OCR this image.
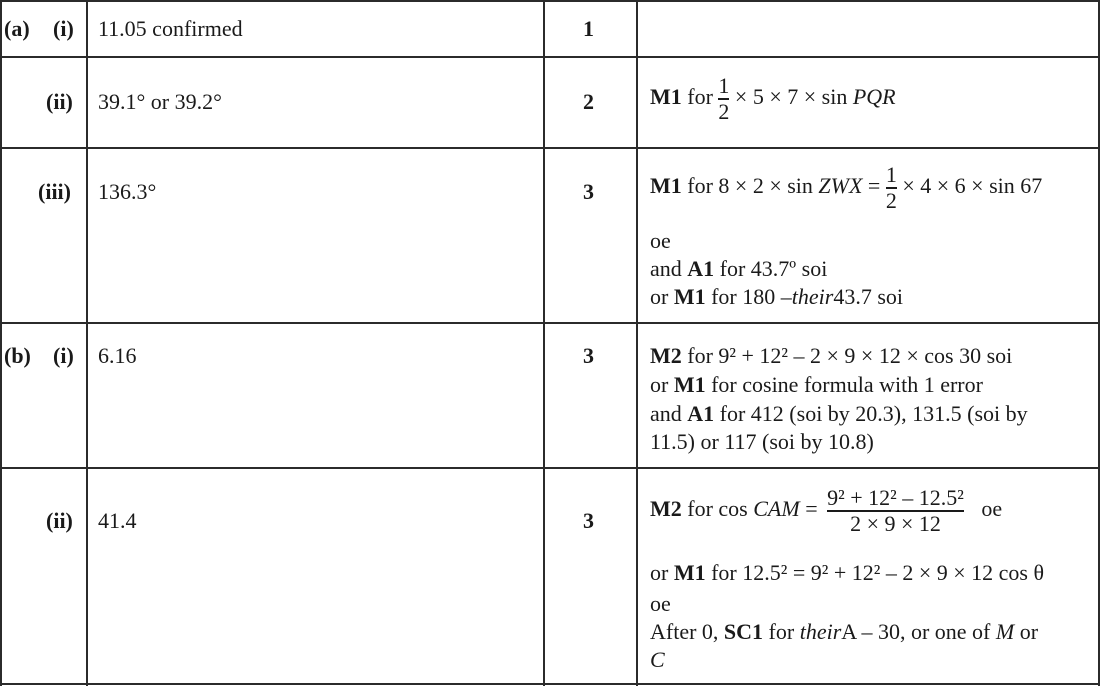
(a) (i) 11.05 confirmed	1
(ii) 39.1° or 39.2°	2	M1 for $\frac{1}{2} \times 5 \times 7 \times \sin$ PQR
(iii) 136.3°	3	M1 for 8 × 2 × sin ZWX = $\frac{1}{2} \times 4 \times 6 \times \sin 67$
oe
and A1 for 43.7º soi
or M1 for 180 –their43.7 soi
(b) (i) 6.16	3	M2 for 9² + 12² – 2 × 9 × 12 × cos 30 soi
or M1 for cosine formula with 1 error
and A1 for 412 (soi by 20.3), 131.5 (soi by
11.5) or 117 (soi by 10.8)
(ii) 41.4	3	M2 for cos CAM = $\frac{\text{9² + 12² – 12.5²}}{2 \times 9 \times 12}$ oe
or M1 for 12.5² = 9² + 12² – 2 × 9 × 12 cos θ
oe
After 0, SC1 for theirA – 30, or one of M or
C
